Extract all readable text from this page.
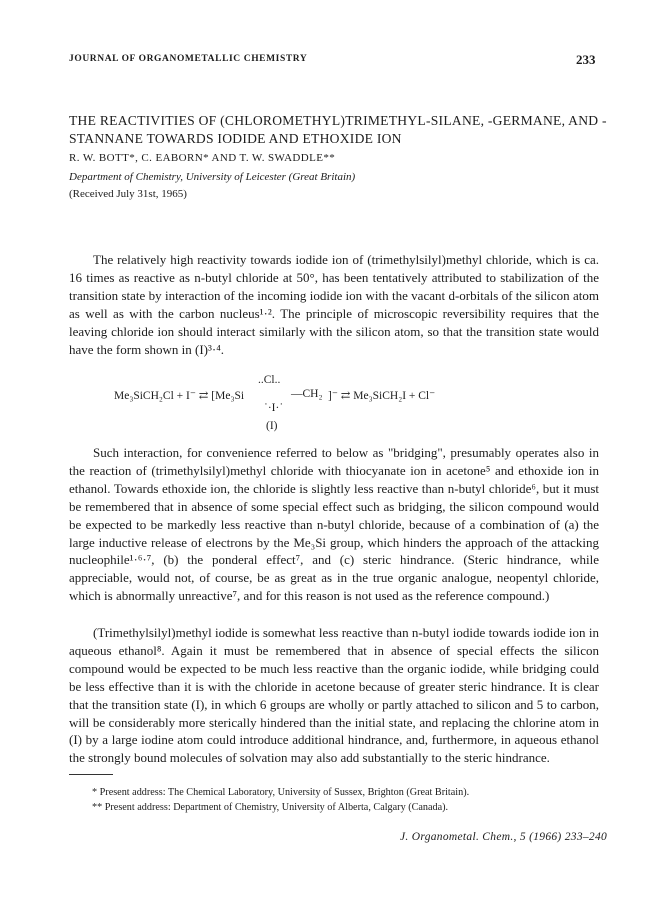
JOURNAL OF ORGANOMETALLIC CHEMISTRY	233
THE REACTIVITIES OF (CHLOROMETHYL)TRIMETHYL-SILANE, -GERMANE, AND -STANNANE TOWARDS IODIDE AND ETHOXIDE ION
R. W. BOTT*, C. EABORN* AND T. W. SWADDLE**
Department of Chemistry, University of Leicester (Great Britain)
(Received July 31st, 1965)

The relatively high reactivity towards iodide ion of (trimethylsilyl)methyl chloride, which is ca. 16 times as reactive as n-butyl chloride at 50°, has been tentatively attributed to stabilization of the transition state by interaction of the incoming iodide ion with the vacant d-orbitals of the silicon atom as well as with the carbon nucleus¹·². The principle of microscopic reversibility requires that the leaving chloride ion should interact similarly with the silicon atom, so that the transition state would have the form shown in (I)³·⁴.

..Cl..
Me₃SiCH₂Cl + I⁻ ⇄ [Me₃Si	—CH₂ ]⁻ ⇄ Me₃SiCH₂I + Cl⁻
˙·I·˙
(I)

Such interaction, for convenience referred to below as "bridging", presumably operates also in the reaction of (trimethylsilyl)methyl chloride with thiocyanate ion in acetone⁵ and ethoxide ion in ethanol. Towards ethoxide ion, the chloride is slightly less reactive than n-butyl chloride⁶, but it must be remembered that in absence of some special effect such as bridging, the silicon compound would be expected to be markedly less reactive than n-butyl chloride, because of a combination of (a) the large inductive release of electrons by the Me₃Si group, which hinders the approach of the attacking nucleophile¹·⁶·⁷, (b) the ponderal effect⁷, and (c) steric hindrance. (Steric hindrance, while appreciable, would not, of course, be as great as in the true organic analogue, neopentyl chloride, which is abnormally unreactive⁷, and for this reason is not used as the reference compound.)

(Trimethylsilyl)methyl iodide is somewhat less reactive than n-butyl iodide towards iodide ion in aqueous ethanol⁸. Again it must be remembered that in absence of special effects the silicon compound would be expected to be much less reactive than the organic iodide, while bridging could be less effective than it is with the chloride in acetone because of greater steric hindrance. It is clear that the transition state (I), in which 6 groups are wholly or partly attached to silicon and 5 to carbon, will be considerably more sterically hindered than the initial state, and replacing the chlorine atom in (I) by a large iodine atom could introduce additional hindrance, and, furthermore, in aqueous ethanol the strongly bound molecules of solvation may also add substantially to the steric hindrance.

* Present address: The Chemical Laboratory, University of Sussex, Brighton (Great Britain).
** Present address: Department of Chemistry, University of Alberta, Calgary (Canada).
J. Organometal. Chem., 5 (1966) 233–240
